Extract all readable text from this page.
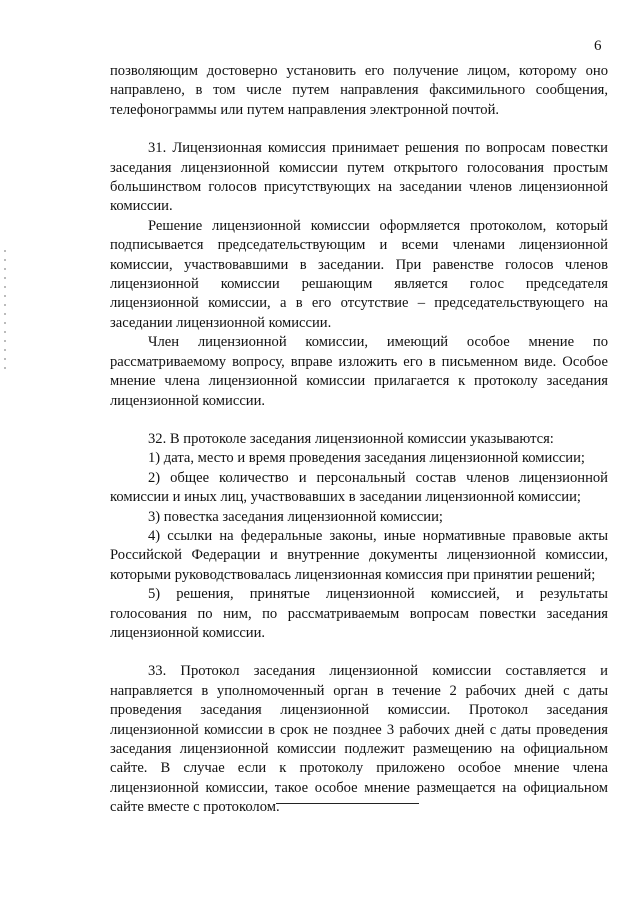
6

позволяющим достоверно установить его получение лицом, которому оно направлено, в том числе путем направления факсимильного сообщения, телефонограммы или путем направления электронной почтой.

31. Лицензионная комиссия принимает решения по вопросам повестки заседания лицензионной комиссии путем открытого голосования простым большинством голосов присутствующих на заседании членов лицензионной комиссии.

Решение лицензионной комиссии оформляется протоколом, который подписывается председательствующим и всеми членами лицензионной комиссии, участвовавшими в заседании. При равенстве голосов членов лицензионной комиссии решающим является голос председателя лицензионной комиссии, а в его отсутствие – председательствующего на заседании лицензионной комиссии.

Член лицензионной комиссии, имеющий особое мнение по рассматриваемому вопросу, вправе изложить его в письменном виде. Особое мнение члена лицензионной комиссии прилагается к протоколу заседания лицензионной комиссии.

32. В протоколе заседания лицензионной комиссии указываются:

1) дата, место и время проведения заседания лицензионной комиссии;

2) общее количество и персональный состав членов лицензионной комиссии и иных лиц, участвовавших в заседании лицензионной комиссии;

3) повестка заседания лицензионной комиссии;

4) ссылки на федеральные законы, иные нормативные правовые акты Российской Федерации и внутренние документы лицензионной комиссии, которыми руководствовалась лицензионная комиссия при принятии решений;

5) решения, принятые лицензионной комиссией, и результаты голосования по ним, по рассматриваемым вопросам повестки заседания лицензионной комиссии.

33. Протокол заседания лицензионной комиссии составляется и направляется в уполномоченный орган в течение 2 рабочих дней с даты проведения заседания лицензионной комиссии. Протокол заседания лицензионной комиссии в срок не позднее 3 рабочих дней с даты проведения заседания лицензионной комиссии подлежит размещению на официальном сайте. В случае если к протоколу приложено особое мнение члена лицензионной комиссии, такое особое мнение размещается на официальном сайте вместе с протоколом.
